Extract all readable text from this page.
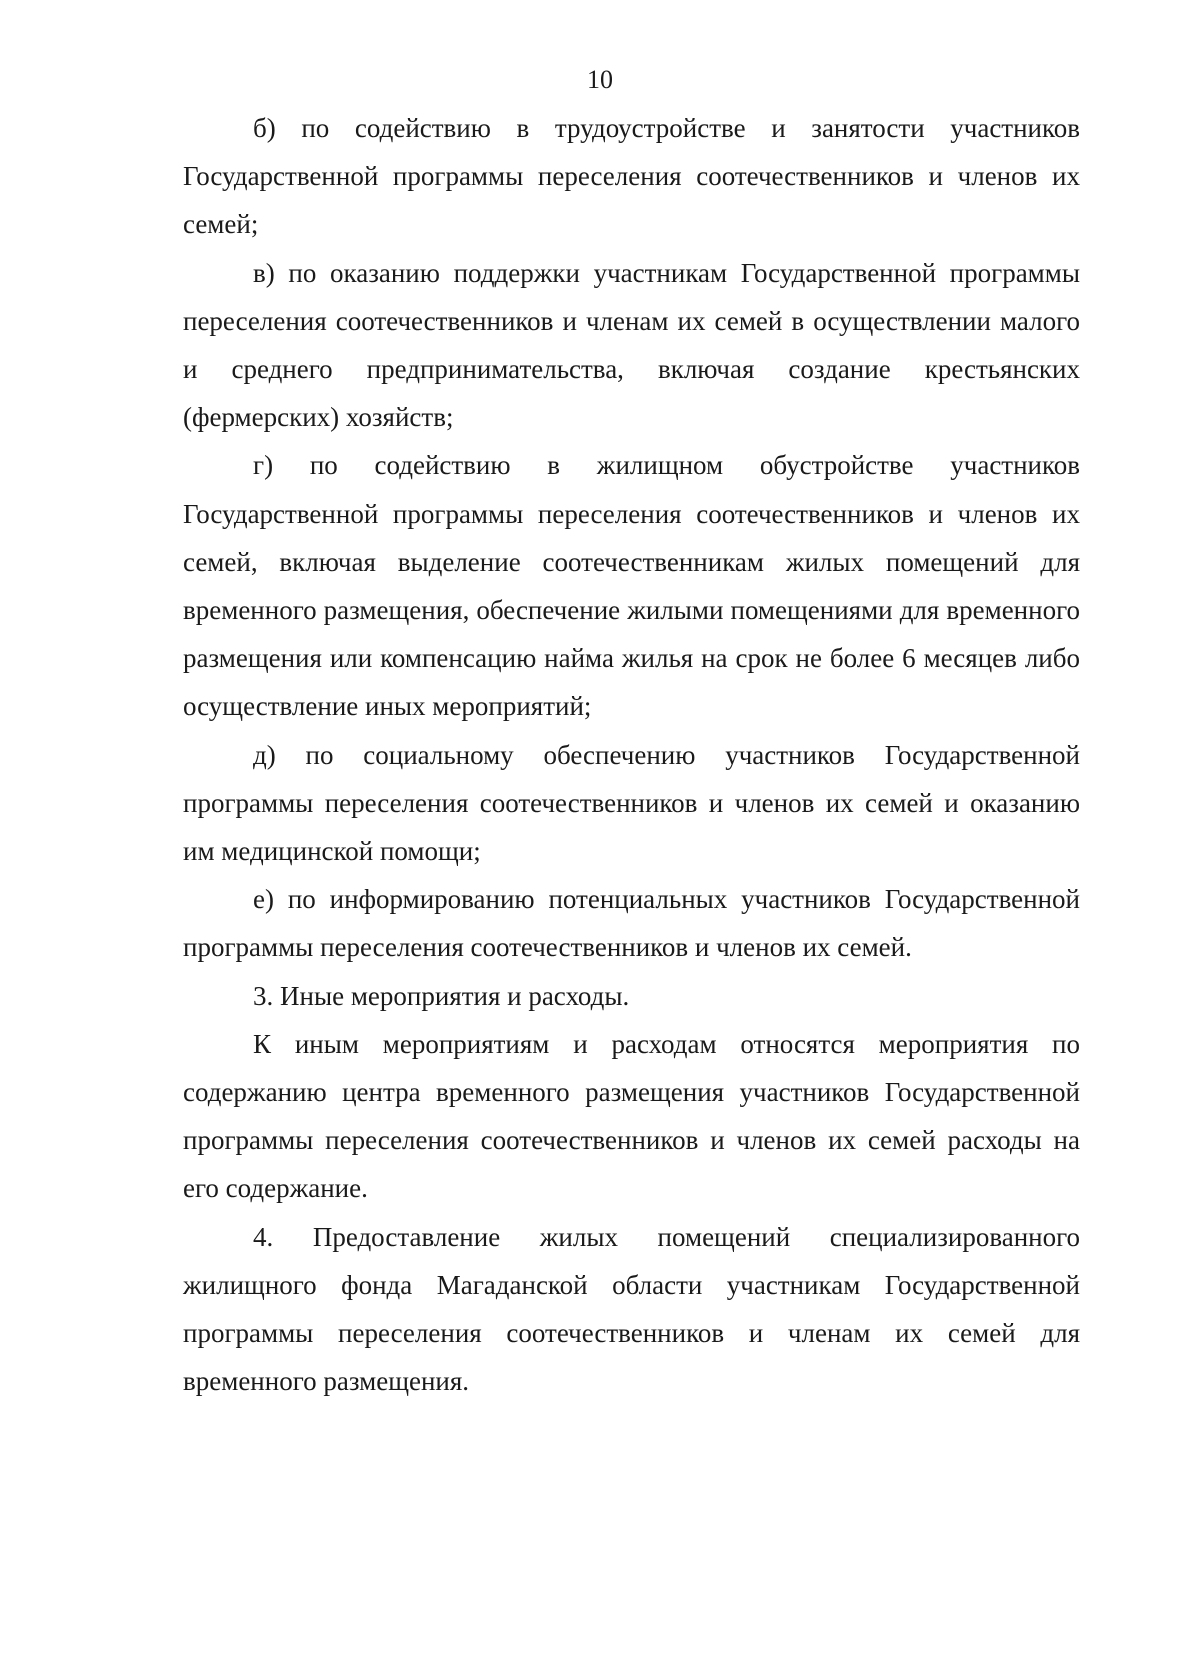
10

б) по содействию в трудоустройстве и занятости участников Государственной программы переселения соотечественников и членов их семей;

в) по оказанию поддержки участникам Государственной программы переселения соотечественников и членам их семей в осуществлении малого и среднего предпринимательства, включая создание крестьянских (фермерских) хозяйств;

г) по содействию в жилищном обустройстве участников Государственной программы переселения соотечественников и членов их семей, включая выделение соотечественникам жилых помещений для временного размещения, обеспечение жилыми помещениями для временного размещения или компенсацию найма жилья на срок не более 6 месяцев либо осуществление иных мероприятий;

д) по социальному обеспечению участников Государственной программы переселения соотечественников и членов их семей и оказанию им медицинской помощи;

е) по информированию потенциальных участников Государственной программы переселения соотечественников и членов их семей.

3. Иные мероприятия и расходы.

К иным мероприятиям и расходам относятся мероприятия по содержанию центра временного размещения участников Государственной программы переселения соотечественников и членов их семей расходы на его содержание.

4. Предоставление жилых помещений специализированного жилищного фонда Магаданской области участникам Государственной программы переселения соотечественников и членам их семей для временного размещения.
